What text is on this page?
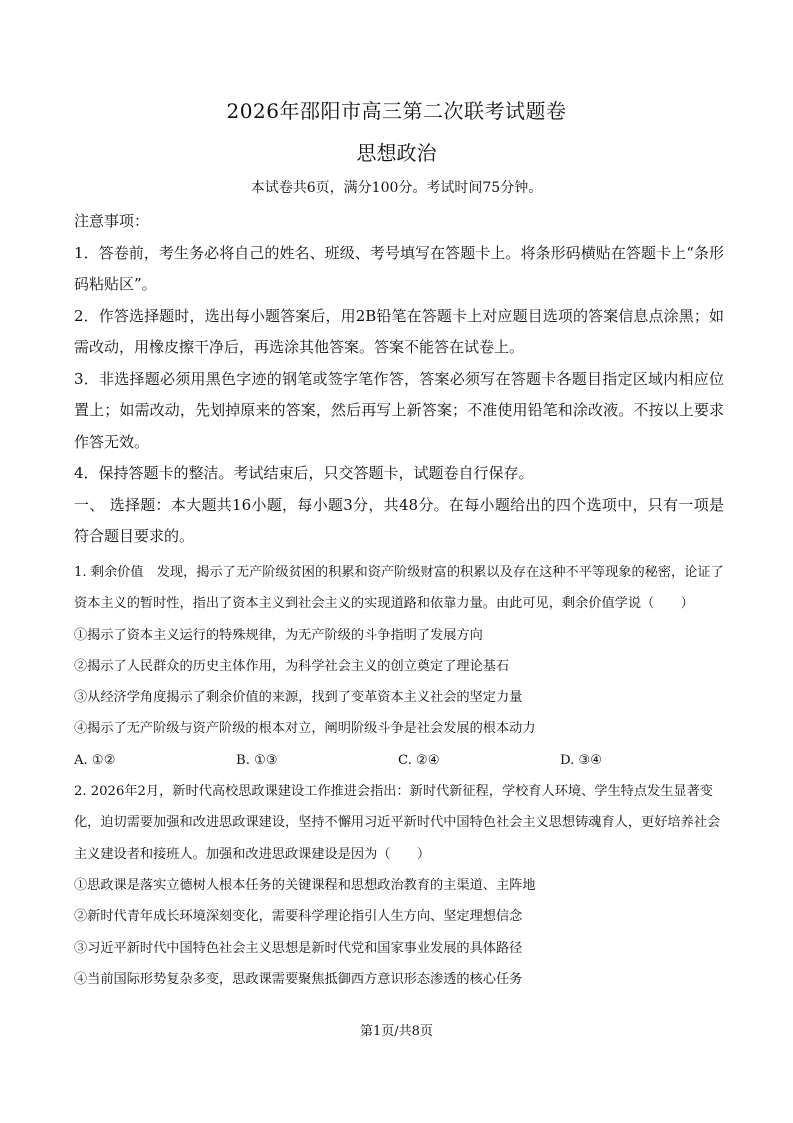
2026年邵阳市高三第二次联考试题卷
思想政治
本试卷共6页，满分100分。考试时间75分钟。

注意事项：

1．答卷前，考生务必将自己的姓名、班级、考号填写在答题卡上。将条形码横贴在答题卡上“条形码粘贴区”。

2．作答选择题时，选出每小题答案后，用2B铅笔在答题卡上对应题目选项的答案信息点涂黑；如需改动，用橡皮擦干净后，再选涂其他答案。答案不能答在试卷上。

3．非选择题必须用黑色字迹的钢笔或签字笔作答，答案必须写在答题卡各题目指定区域内相应位置上；如需改动，先划掉原来的答案，然后再写上新答案；不准使用铅笔和涂改液。不按以上要求作答无效。

4．保持答题卡的整洁。考试结束后，只交答题卡，试题卷自行保存。

一、 选择题：本大题共16小题，每小题3分，共48分。在每小题给出的四个选项中，只有一项是符合题目要求的。

1. 剩余价值　发现，揭示了无产阶级贫困的积累和资产阶级财富的积累以及存在这种不平等现象的秘密，论证了资本主义的暂时性，指出了资本主义到社会主义的实现道路和依靠力量。由此可见，剩余价值学说（　　）

①揭示了资本主义运行的特殊规律，为无产阶级的斗争指明了发展方向

②揭示了人民群众的历史主体作用，为科学社会主义的创立奠定了理论基石

③从经济学角度揭示了剩余价值的来源，找到了变革资本主义社会的坚定力量

④揭示了无产阶级与资产阶级的根本对立，阐明阶级斗争是社会发展的根本动力

A. ①②	B. ①③	C. ②④	D. ③④

2. 2026年2月，新时代高校思政课建设工作推进会指出：新时代新征程，学校育人环境、学生特点发生显著变化，迫切需要加强和改进思政课建设，坚持不懈用习近平新时代中国特色社会主义思想铸魂育人，更好培养社会主义建设者和接班人。加强和改进思政课建设是因为（　　）

①思政课是落实立德树人根本任务的关键课程和思想政治教育的主渠道、主阵地

②新时代青年成长环境深刻变化，需要科学理论指引人生方向、坚定理想信念

③习近平新时代中国特色社会主义思想是新时代党和国家事业发展的具体路径

④当前国际形势复杂多变，思政课需要聚焦抵御西方意识形态渗透的核心任务

第1页/共8页
